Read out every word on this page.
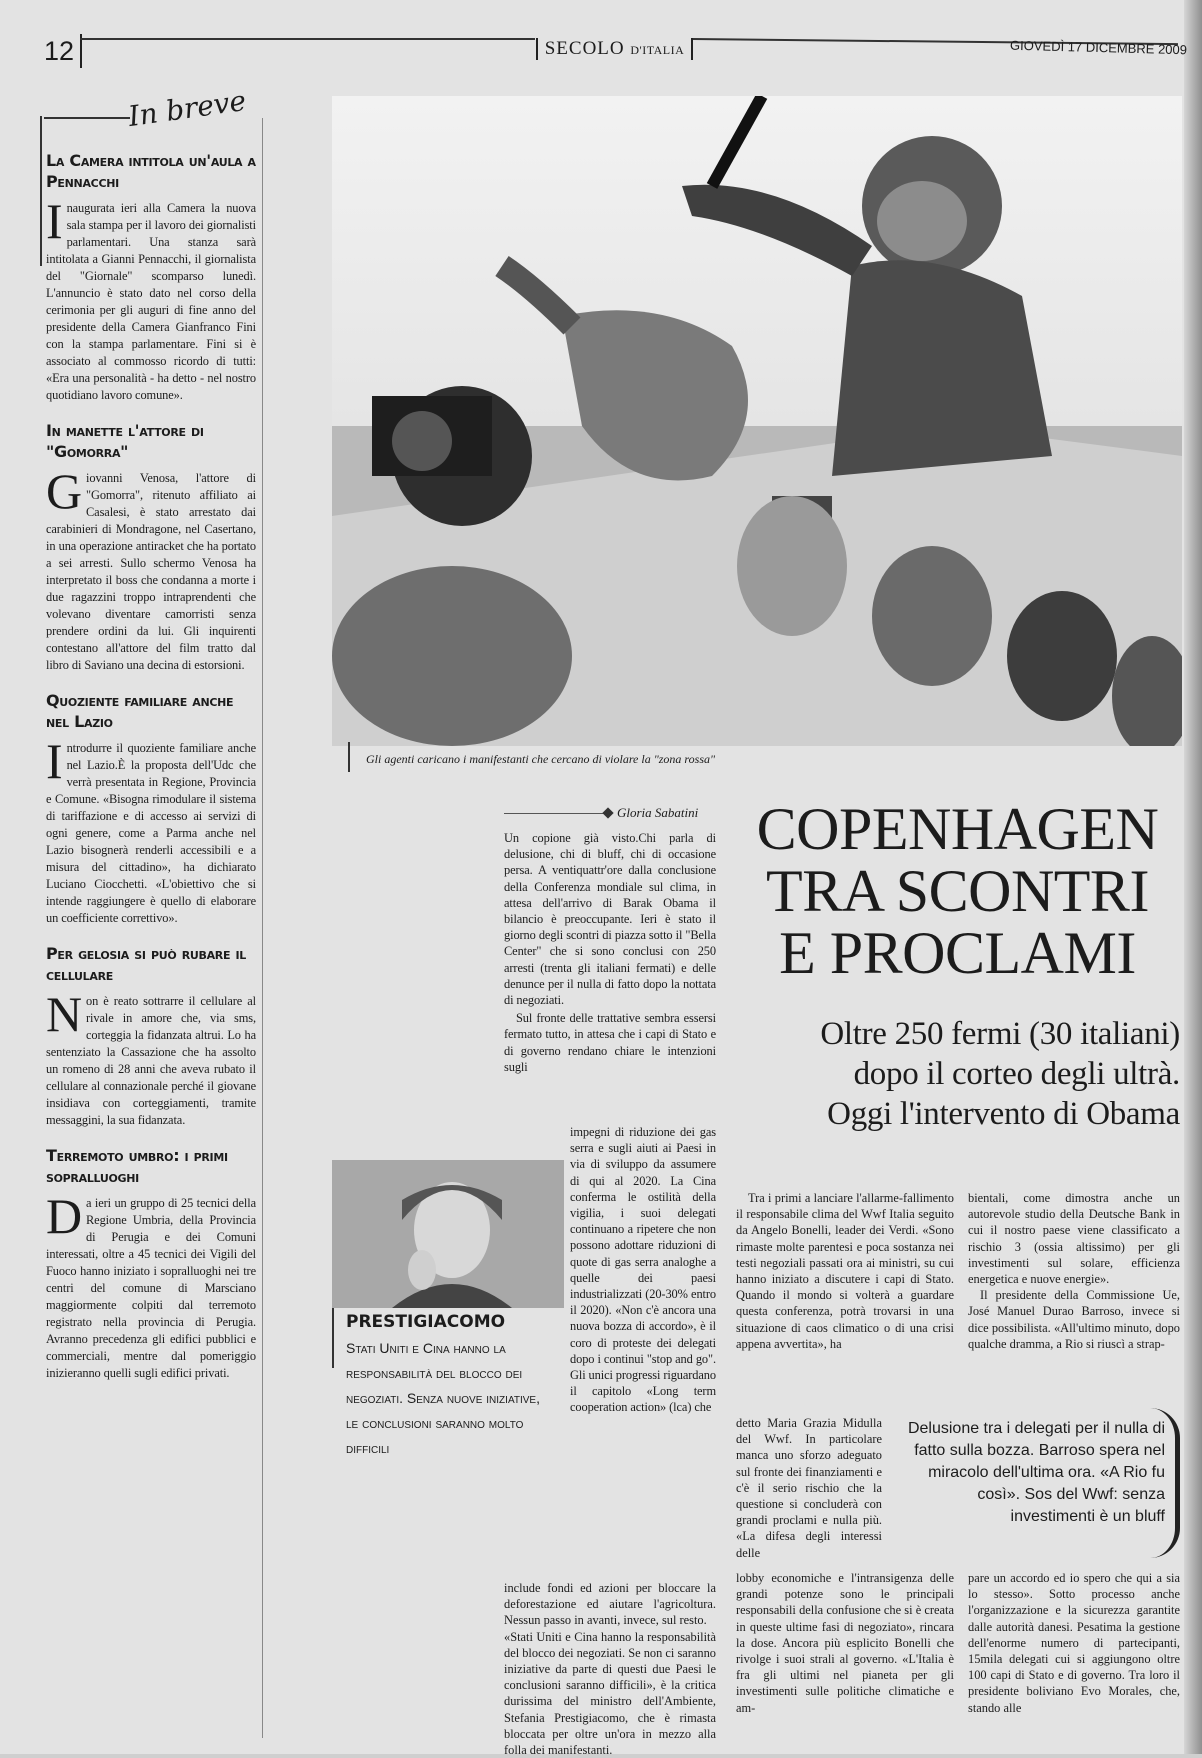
12	SECOLO D'ITALIA	GIOVEDÌ 17 DICEMBRE 2009
In breve
La Camera intitola un'aula a Pennacchi
Inaugurata ieri alla Camera la nuova sala stampa per il lavoro dei giornalisti parlamentari. Una stanza sarà intitolata a Gianni Pennacchi, il giornalista del "Giornale" scomparso lunedì. L'annuncio è stato dato nel corso della cerimonia per gli auguri di fine anno del presidente della Camera Gianfranco Fini con la stampa parlamentare. Fini si è associato al commosso ricordo di tutti: «Era una personalità - ha detto - nel nostro quotidiano lavoro comune».
In manette l'attore di "Gomorra"
Giovanni Venosa, l'attore di "Gomorra", ritenuto affiliato ai Casalesi, è stato arrestato dai carabinieri di Mondragone, nel Casertano, in una operazione antiracket che ha portato a sei arresti. Sullo schermo Venosa ha interpretato il boss che condanna a morte i due ragazzini troppo intraprendenti che volevano diventare camorristi senza prendere ordini da lui. Gli inquirenti contestano all'attore del film tratto dal libro di Saviano una decina di estorsioni.
Quoziente familiare anche nel Lazio
Introdurre il quoziente familiare anche nel Lazio.È la proposta dell'Udc che verrà presentata in Regione, Provincia e Comune. «Bisogna rimodulare il sistema di tariffazione e di accesso ai servizi di ogni genere, come a Parma anche nel Lazio bisognerà renderli accessibili e a misura del cittadino», ha dichiarato Luciano Ciocchetti. «L'obiettivo che si intende raggiungere è quello di elaborare un coefficiente correttivo».
Per gelosia si può rubare il cellulare
Non è reato sottrarre il cellulare al rivale in amore che, via sms, corteggia la fidanzata altrui. Lo ha sentenziato la Cassazione che ha assolto un romeno di 28 anni che aveva rubato il cellulare al connazionale perché il giovane insidiava con corteggiamenti, tramite messaggini, la sua fidanzata.
Terremoto umbro: i primi sopralluoghi
Da ieri un gruppo di 25 tecnici della Regione Umbria, della Provincia di Perugia e dei Comuni interessati, oltre a 45 tecnici dei Vigili del Fuoco hanno iniziato i sopralluoghi nei tre centri del comune di Marsciano maggiormente colpiti dal terremoto registrato nella provincia di Perugia. Avranno precedenza gli edifici pubblici e commerciali, mentre dal pomeriggio inizieranno quelli sugli edifici privati.
Gli agenti caricano i manifestanti che cercano di violare la "zona rossa"
Gloria Sabatini COPENHAGEN
TRA SCONTRI
E PROCLAMI
Oltre 250 fermi (30 italiani)
dopo il corteo degli ultrà.
Oggi l'intervento di Obama

Un copione già visto.Chi parla di delusione, chi di bluff, chi di occasione persa. A ventiquattr'ore dalla conclusione della Conferenza mondiale sul clima, in attesa dell'arrivo di Barak Obama il bilancio è preoccupante. Ieri è stato il giorno degli scontri di piazza sotto il "Bella Center" che si sono conclusi con 250 arresti (trenta gli italiani fermati) e delle denunce per il nulla di fatto dopo la nottata di negoziati.

Sul fronte delle trattative sembra essersi fermato tutto, in attesa che i capi di Stato e di governo rendano chiare le intenzioni sugli

impegni di riduzione dei gas serra e sugli aiuti ai Paesi in via di sviluppo da assumere di qui al 2020. La Cina conferma le ostilità della vigilia, i suoi delegati continuano a ripetere che non possono adottare riduzioni di quote di gas serra analoghe a quelle dei paesi industrializzati (20-30% entro il 2020). «Non c'è ancora una nuova bozza di accordo», è il coro di proteste dei delegati dopo i continui "stop and go". Gli unici progressi riguardano il capitolo «Long term cooperation action» (lca) che

include fondi ed azioni per bloccare la deforestazione ed aiutare l'agricoltura. Nessun passo in avanti, invece, sul resto.

«Stati Uniti e Cina hanno la responsabilità del blocco dei negoziati. Se non ci saranno iniziative da parte di questi due Paesi le conclusioni saranno difficili», è la critica durissima del ministro dell'Ambiente, Stefania Prestigiacomo, che è rimasta bloccata per oltre un'ora in mezzo alla folla dei manifestanti.

PRESTIGIACOMO
Stati Uniti e Cina hanno la responsabilità del blocco dei negoziati. Senza nuove iniziative, le conclusioni saranno molto difficili

Tra i primi a lanciare l'allarme-fallimento il responsabile clima del Wwf Italia seguito da Angelo Bonelli, leader dei Verdi. «Sono rimaste molte parentesi e poca sostanza nei testi negoziali passati ora ai ministri, su cui hanno iniziato a discutere i capi di Stato. Quando il mondo si volterà a guardare questa conferenza, potrà trovarsi in una situazione di caos climatico o di una crisi appena avvertita», ha

detto Maria Grazia Midulla del Wwf. In particolare manca uno sforzo adeguato sul fronte dei finanziamenti e c'è il serio rischio che la questione si concluderà con grandi proclami e nulla più. «La difesa degli interessi delle

lobby economiche e l'intransigenza delle grandi potenze sono le principali responsabili della confusione che si è creata in queste ultime fasi di negoziato», rincara la dose. Ancora più esplicito Bonelli che rivolge i suoi strali al governo. «L'Italia è fra gli ultimi nel pianeta per gli investimenti sulle politiche climatiche e am-

bientali, come dimostra anche un autorevole studio della Deutsche Bank in cui il nostro paese viene classificato a rischio 3 (ossia altissimo) per gli investimenti sul solare, efficienza energetica e nuove energie».

Il presidente della Commissione Ue, José Manuel Durao Barroso, invece si dice possibilista. «All'ultimo minuto, dopo qualche dramma, a Rio si riuscì a strap-

pare un accordo ed io spero che qui a sia lo stesso». Sotto processo anche l'organizzazione e la sicurezza garantite dalle autorità danesi. Pesatima la gestione dell'enorme numero di partecipanti, 15mila delegati cui si aggiungono oltre 100 capi di Stato e di governo. Tra loro il presidente boliviano Evo Morales, che, stando alle

Delusione tra i delegati per il nulla di fatto sulla bozza. Barroso spera nel miracolo dell'ultima ora. «A Rio fu così». Sos del Wwf: senza investimenti è un bluff
